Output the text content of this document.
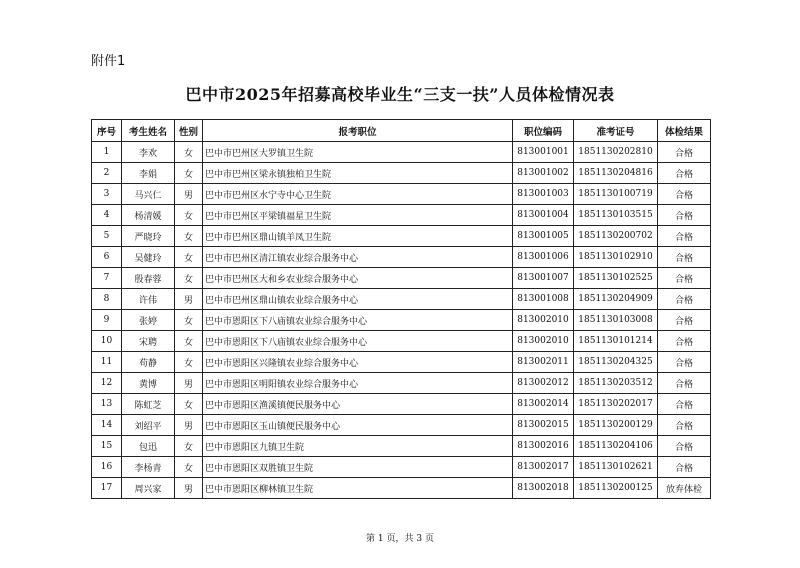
附件1
巴中市2025年招募高校毕业生“三支一扶”人员体检情况表
序号	考生姓名	性别	报考职位	职位编码	准考证号	体检结果
1	李欢	女	巴中市巴州区大罗镇卫生院	813001001	1851130202810	合格
2	李娟	女	巴中市巴州区梁永镇独柏卫生院	813001002	1851130204816	合格
3	马兴仁	男	巴中市巴州区水宁寺中心卫生院	813001003	1851130100719	合格
4	杨清媛	女	巴中市巴州区平梁镇福星卫生院	813001004	1851130103515	合格
5	严晓玲	女	巴中市巴州区鼎山镇羊凤卫生院	813001005	1851130200702	合格
6	吴健玲	女	巴中市巴州区清江镇农业综合服务中心	813001006	1851130102910	合格
7	殷春蓉	女	巴中市巴州区大和乡农业综合服务中心	813001007	1851130102525	合格
8	许伟	男	巴中市巴州区鼎山镇农业综合服务中心	813001008	1851130204909	合格
9	张婷	女	巴中市恩阳区下八庙镇农业综合服务中心	813002010	1851130103008	合格
10	宋聘	女	巴中市恩阳区下八庙镇农业综合服务中心	813002010	1851130101214	合格
11	苟静	女	巴中市恩阳区兴隆镇农业综合服务中心	813002011	1851130204325	合格
12	黄博	男	巴中市恩阳区明阳镇农业综合服务中心	813002012	1851130203512	合格
13	陈虹芝	女	巴中市恩阳区渔溪镇便民服务中心	813002014	1851130202017	合格
14	刘绍平	男	巴中市恩阳区玉山镇便民服务中心	813002015	1851130200129	合格
15	包迅	女	巴中市恩阳区九镇卫生院	813002016	1851130204106	合格
16	李杨青	女	巴中市恩阳区双胜镇卫生院	813002017	1851130102621	合格
17	周兴家	男	巴中市恩阳区柳林镇卫生院	813002018	1851130200125	放弃体检
第 1 页，共 3 页
